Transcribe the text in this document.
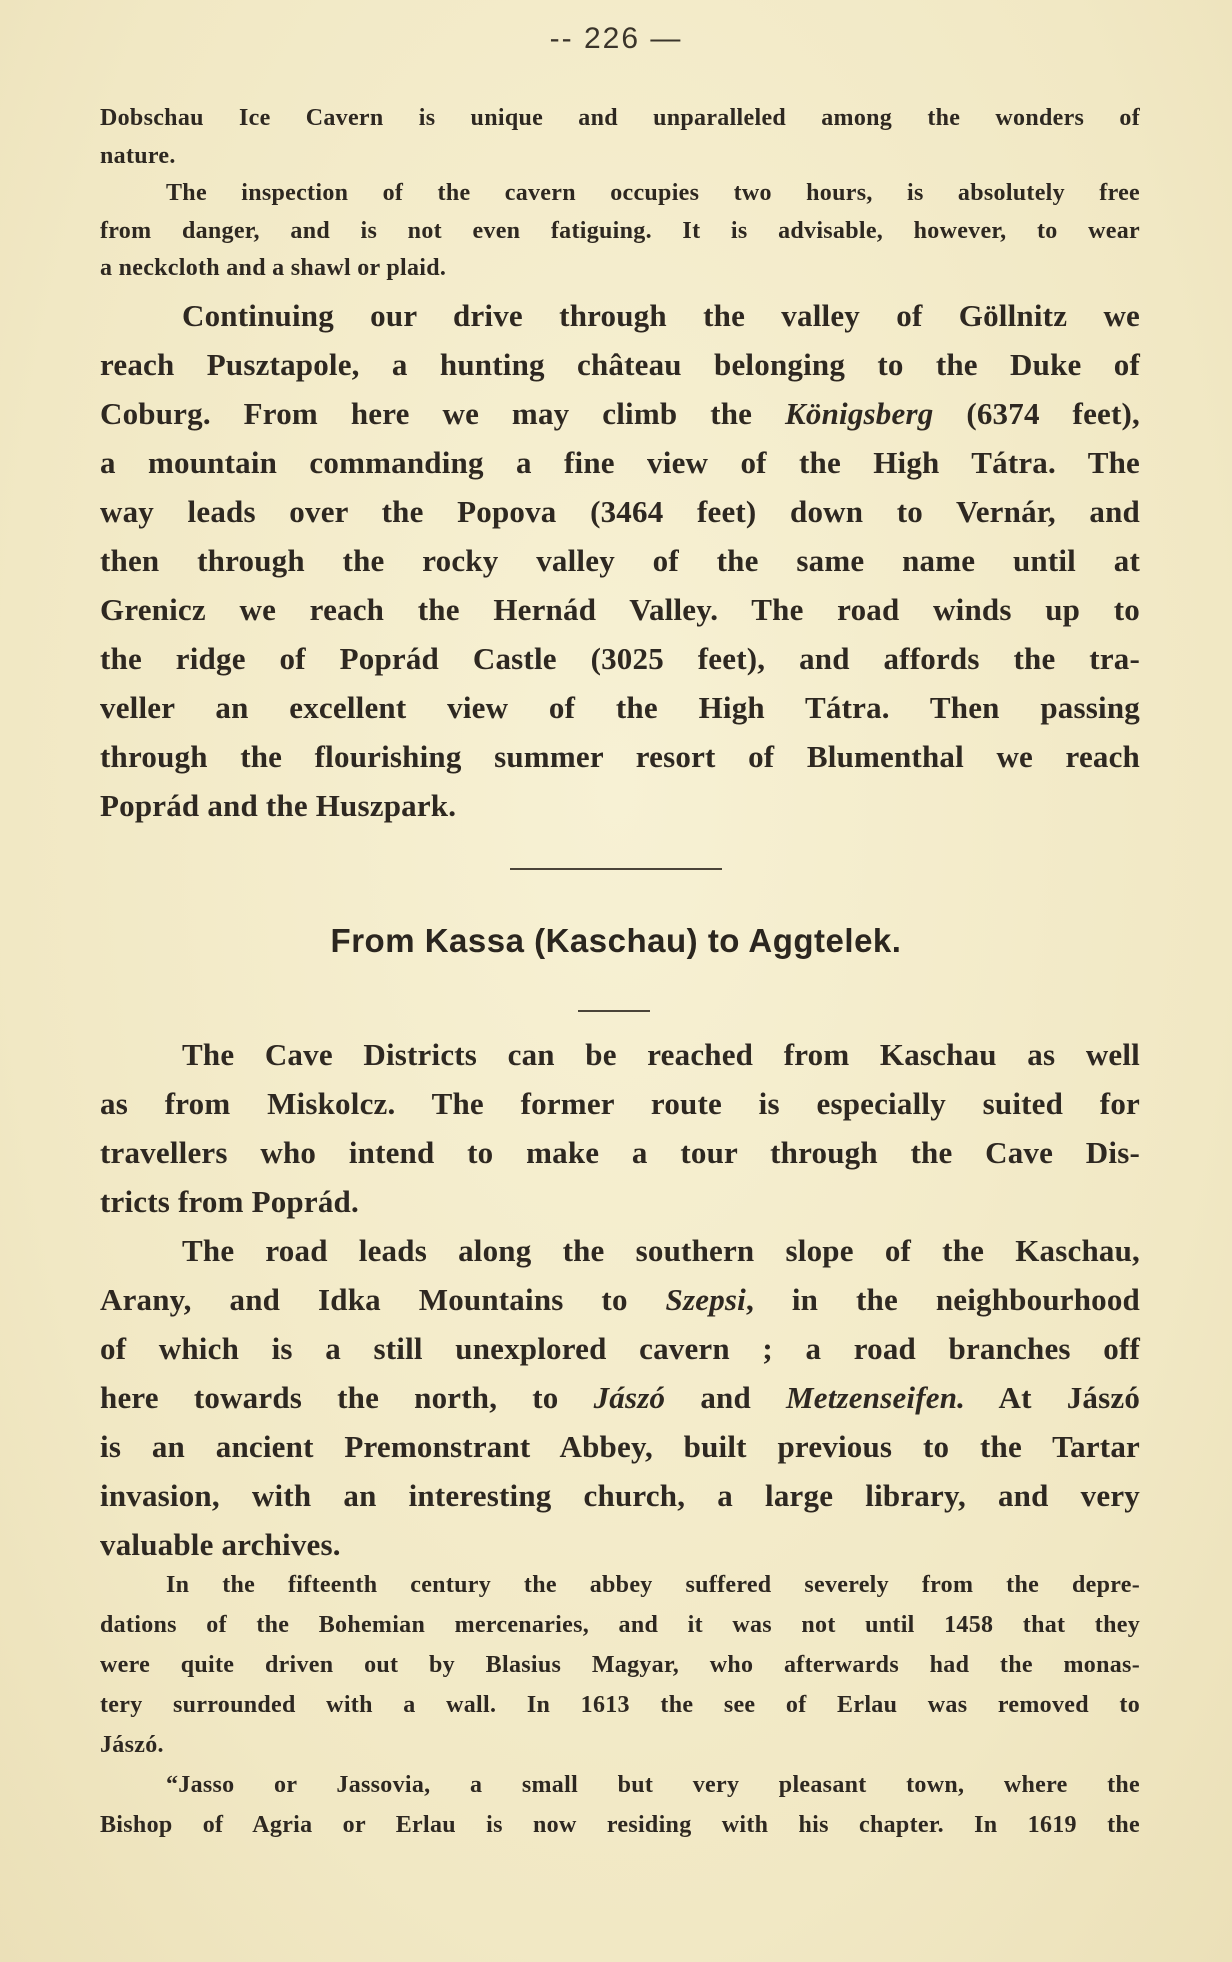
-- 226 —
Dobschau Ice Cavern is unique and unparalleled among the wonders of
nature.
The inspection of the cavern occupies two hours, is absolutely free
from danger, and is not even fatiguing. It is advisable, however, to wear
a neckcloth and a shawl or plaid.
Continuing our drive through the valley of Göllnitz we
reach Pusztapole, a hunting château belonging to the Duke of
Coburg. From here we may climb the Königsberg (6374 feet),
a mountain commanding a fine view of the High Tátra. The
way leads over the Popova (3464 feet) down to Vernár, and
then through the rocky valley of the same name until at
Grenicz we reach the Hernád Valley. The road winds up to
the ridge of Poprád Castle (3025 feet), and affords the tra-
veller an excellent view of the High Tátra. Then passing
through the flourishing summer resort of Blumenthal we reach
Poprád and the Huszpark.
From Kassa (Kaschau) to Aggtelek.
The Cave Districts can be reached from Kaschau as well
as from Miskolcz. The former route is especially suited for
travellers who intend to make a tour through the Cave Dis-
tricts from Poprád.
The road leads along the southern slope of the Kaschau,
Arany, and Idka Mountains to Szepsi, in the neighbourhood
of which is a still unexplored cavern ; a road branches off
here towards the north, to Jászó and Metzenseifen. At Jászó
is an ancient Premonstrant Abbey, built previous to the Tartar
invasion, with an interesting church, a large library, and very
valuable archives.
In the fifteenth century the abbey suffered severely from the depre-
dations of the Bohemian mercenaries, and it was not until 1458 that they
were quite driven out by Blasius Magyar, who afterwards had the monas-
tery surrounded with a wall. In 1613 the see of Erlau was removed to
Jászó.
“Jasso or Jassovia, a small but very pleasant town, where the
Bishop of Agria or Erlau is now residing with his chapter. In 1619 the
